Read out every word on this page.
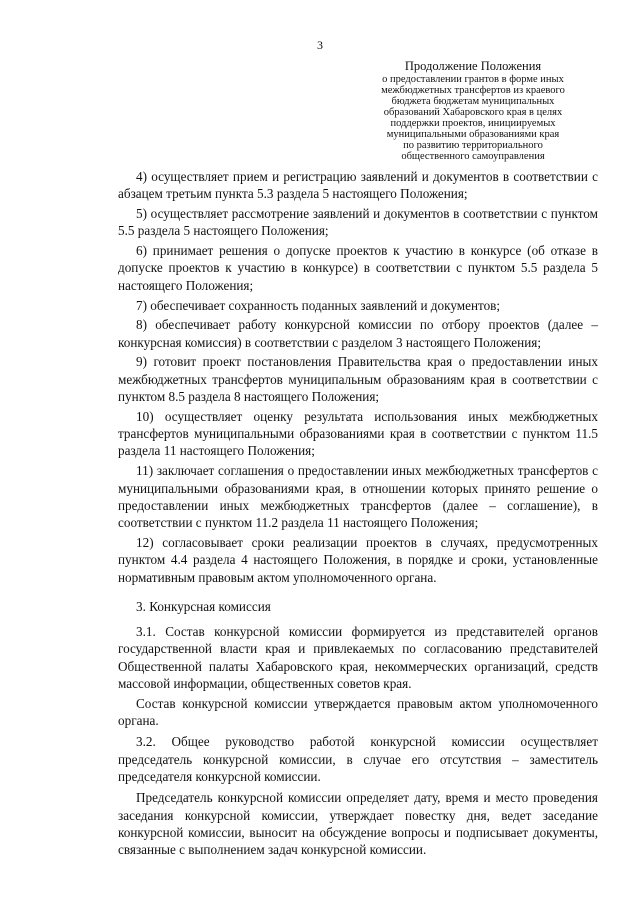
3
Продолжение Положения
о предоставлении грантов в форме иных
межбюджетных трансфертов из краевого
бюджета бюджетам муниципальных
образований Хабаровского края в целях
поддержки проектов, инициируемых
муниципальными образованиями края
по развитию территориального
общественного самоуправления

4) осуществляет прием и регистрацию заявлений и документов в соответствии с абзацем третьим пункта 5.3 раздела 5 настоящего Положения;

5) осуществляет рассмотрение заявлений и документов в соответствии с пунктом 5.5 раздела 5 настоящего Положения;

6) принимает решения о допуске проектов к участию в конкурсе (об отказе в допуске проектов к участию в конкурсе) в соответствии с пунктом 5.5 раздела 5 настоящего Положения;

7) обеспечивает сохранность поданных заявлений и документов;

8) обеспечивает работу конкурсной комиссии по отбору проектов (далее – конкурсная комиссия) в соответствии с разделом 3 настоящего Положения;

9) готовит проект постановления Правительства края о предоставлении иных межбюджетных трансфертов муниципальным образованиям края в соответствии с пунктом 8.5 раздела 8 настоящего Положения;

10) осуществляет оценку результата использования иных межбюджетных трансфертов муниципальными образованиями края в соответствии с пунктом 11.5 раздела 11 настоящего Положения;

11) заключает соглашения о предоставлении иных межбюджетных трансфертов с муниципальными образованиями края, в отношении которых принято решение о предоставлении иных межбюджетных трансфертов (далее – соглашение), в соответствии с пунктом 11.2 раздела 11 настоящего Положения;

12) согласовывает сроки реализации проектов в случаях, предусмотренных пунктом 4.4 раздела 4 настоящего Положения, в порядке и сроки, установленные нормативным правовым актом уполномоченного органа.

3. Конкурсная комиссия

3.1. Состав конкурсной комиссии формируется из представителей органов государственной власти края и привлекаемых по согласованию представителей Общественной палаты Хабаровского края, некоммерческих организаций, средств массовой информации, общественных советов края.

Состав конкурсной комиссии утверждается правовым актом уполномоченного органа.

3.2. Общее руководство работой конкурсной комиссии осуществляет председатель конкурсной комиссии, в случае его отсутствия – заместитель председателя конкурсной комиссии.

Председатель конкурсной комиссии определяет дату, время и место проведения заседания конкурсной комиссии, утверждает повестку дня, ведет заседание конкурсной комиссии, выносит на обсуждение вопросы и подписывает документы, связанные с выполнением задач конкурсной комиссии.
